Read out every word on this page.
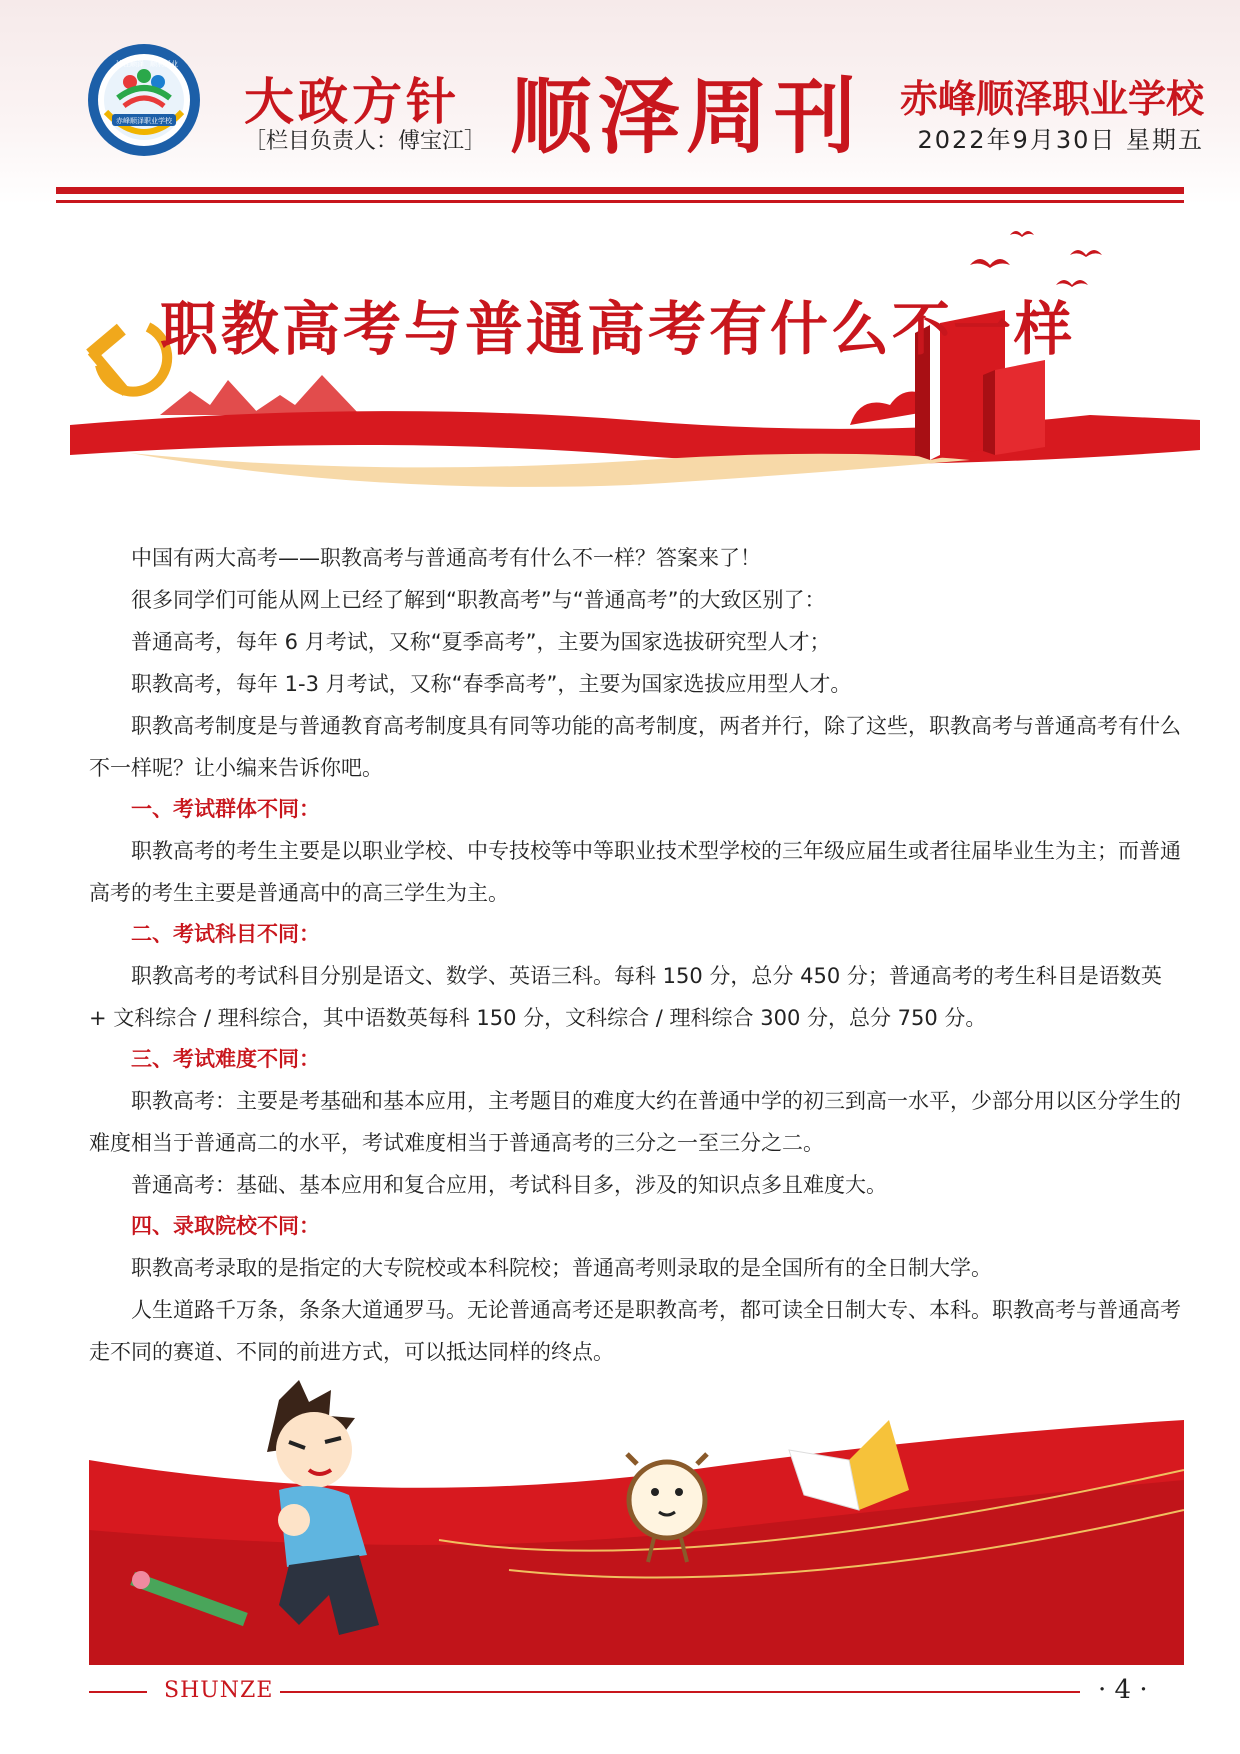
赤峰顺泽职业学校
达往顺泽 顺利择业
大政方针
［栏目负责人：傅宝江］ 顺泽周刊 赤峰顺泽职业学校
2022年9月30日 星期五
职教高考与普通高考有什么不一样

中国有两大高考——职教高考与普通高考有什么不一样？答案来了！

很多同学们可能从网上已经了解到“职教高考”与“普通高考”的大致区别了：

普通高考，每年 6 月考试，又称“夏季高考”，主要为国家选拔研究型人才；

职教高考，每年 1-3 月考试，又称“春季高考”，主要为国家选拔应用型人才。

职教高考制度是与普通教育高考制度具有同等功能的高考制度，两者并行，除了这些，职教高考与普通高考有什么不一样呢？让小编来告诉你吧。

一、考试群体不同：

职教高考的考生主要是以职业学校、中专技校等中等职业技术型学校的三年级应届生或者往届毕业生为主；而普通高考的考生主要是普通高中的高三学生为主。

二、考试科目不同：

职教高考的考试科目分别是语文、数学、英语三科。每科 150 分，总分 450 分；普通高考的考生科目是语数英 + 文科综合 / 理科综合，其中语数英每科 150 分，文科综合 / 理科综合 300 分，总分 750 分。

三、考试难度不同：

职教高考：主要是考基础和基本应用，主考题目的难度大约在普通中学的初三到高一水平，少部分用以区分学生的难度相当于普通高二的水平，考试难度相当于普通高考的三分之一至三分之二。

普通高考：基础、基本应用和复合应用，考试科目多，涉及的知识点多且难度大。

四、录取院校不同：

职教高考录取的是指定的大专院校或本科院校；普通高考则录取的是全国所有的全日制大学。

人生道路千万条，条条大道通罗马。无论普通高考还是职教高考，都可读全日制大专、本科。职教高考与普通高考走不同的赛道、不同的前进方式，可以抵达同样的终点。

SHUNZE	· 4 ·
